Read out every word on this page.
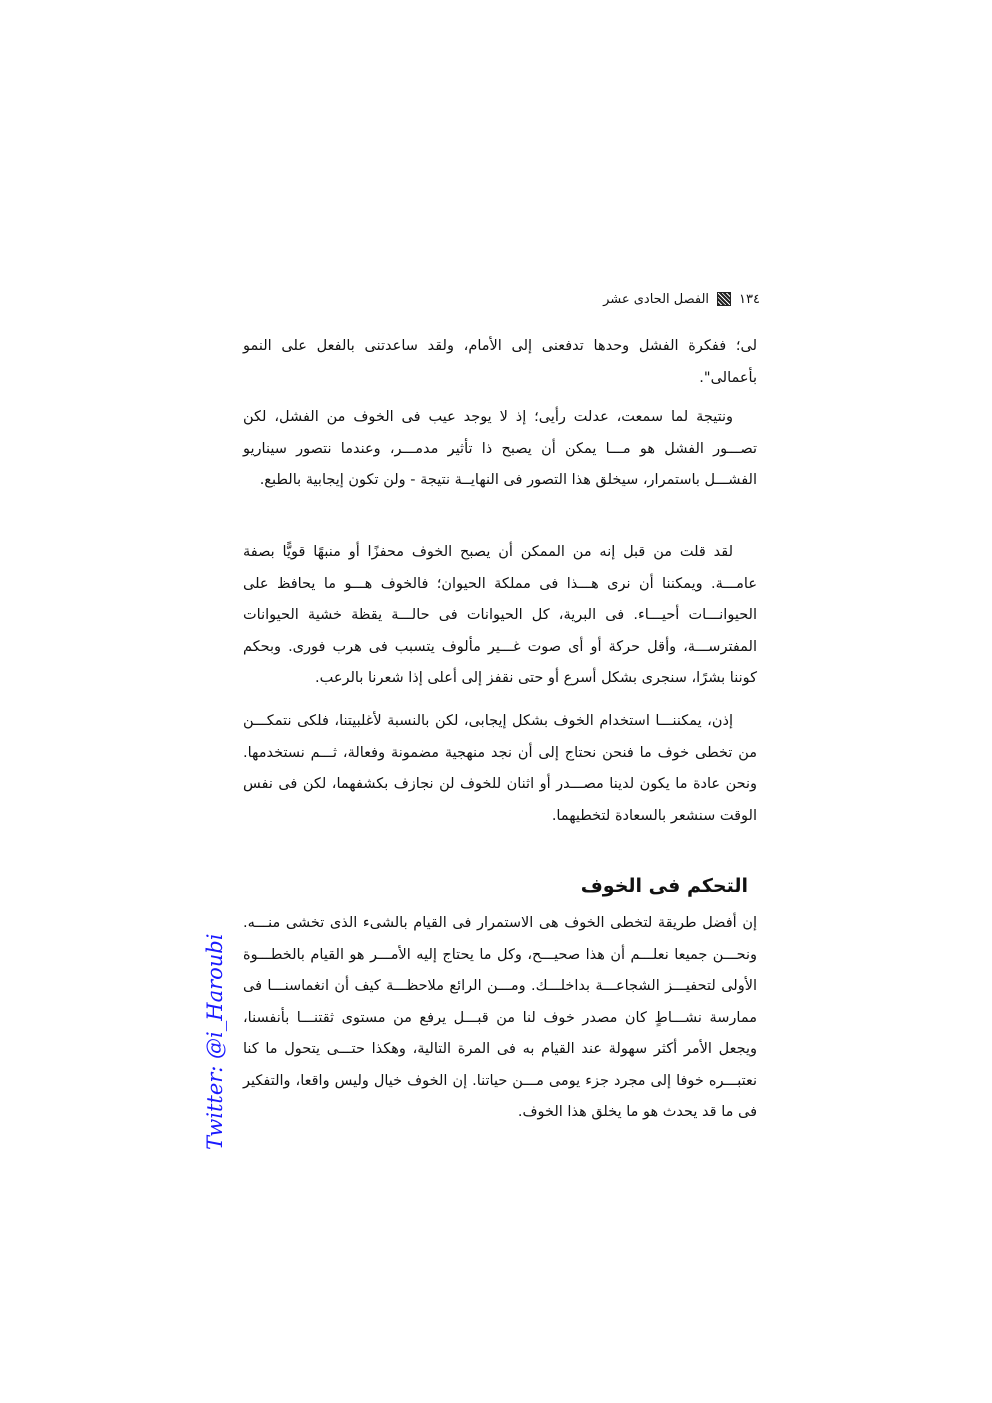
١٣٤
الفصل الحادى عشر

لى؛ ففكرة الفشل وحدها تدفعنى إلى الأمام، ولقد ساعدتنى بالفعل على النمو بأعمالى".

ونتيجة لما سمعت، عدلت رأيى؛ إذ لا يوجد عيب فى الخوف من الفشل، لكن تصـــور الفشل هو مـــا يمكن أن يصبح ذا تأثير مدمـــر، وعندما نتصور سيناريو الفشـــل باستمرار، سيخلق هذا التصور فى النهايــة نتيجة - ولن تكون إيجابية بالطبع.

لقد قلت من قبل إنه من الممكن أن يصبح الخوف محفزًا أو منبهًا قويًّا بصفة عامـــة. ويمكننا أن نرى هـــذا فى مملكة الحيوان؛ فالخوف هـــو ما يحافظ على الحيوانـــات أحيـــاء. فى البرية، كل الحيوانات فى حالـــة يقظة خشية الحيوانات المفترســـة، وأقل حركة أو أى صوت غـــير مألوف يتسبب فى هرب فورى. وبحكم كوننا بشرًا، سنجرى بشكل أسرع أو حتى نقفز إلى أعلى إذا شعرنا بالرعب.

إذن، يمكننـــا استخدام الخوف بشكل إيجابى، لكن بالنسبة لأغلبيتنا، فلكى نتمكـــن من تخطى خوف ما فنحن نحتاج إلى أن نجد منهجية مضمونة وفعالة، ثـــم نستخدمها. ونحن عادة ما يكون لدينا مصـــدر أو اثنان للخوف لن نجازف بكشفهما، لكن فى نفس الوقت سنشعر بالسعادة لتخطيهما.

التحكم فى الخوف

إن أفضل طريقة لتخطى الخوف هى الاستمرار فى القيام بالشىء الذى تخشى منـــه. ونحـــن جميعا نعلـــم أن هذا صحيـــح، وكل ما يحتاج إليه الأمـــر هو القيام بالخطـــوة الأولى لتحفيـــز الشجاعـــة بداخلـــك. ومـــن الرائع ملاحظـــة كيف أن انغماسنـــا فى ممارسة نشـــاطٍ كان مصدر خوف لنا من قبـــل يرفع من مستوى ثقتنـــا بأنفسنا، ويجعل الأمر أكثر سهولة عند القيام به فى المرة التالية، وهكذا حتـــى يتحول ما كنا نعتبـــره خوفا إلى مجرد جزء يومى مـــن حياتنا. إن الخوف خيال وليس واقعا، والتفكير فى ما قد يحدث هو ما يخلق هذا الخوف.

Twitter: @i_Haroubi
